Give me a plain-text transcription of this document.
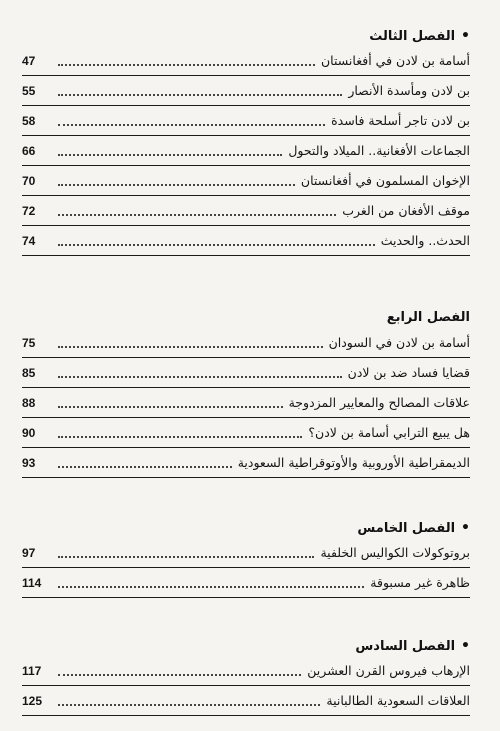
•الفصل الثالث
47	أسامة بن لادن في أفغانستان
55	بن لادن ومأسدة الأنصار
58	بن لادن تاجر أسلحة فاسدة
66	الجماعات الأفغانية.. الميلاد والتحول
70	الإخوان المسلمون في أفغانستان
72	موقف الأفغان من الغرب
74	الحدث.. والحديث
الفصل الرابع
75	أسامة بن لادن في السودان
85	قضايا فساد ضد بن لادن
88	علاقات المصالح والمعايير المزدوجة
90	هل يبيع الترابي أسامة بن لادن؟
93	الديمقراطية الأوروبية والأوتوقراطية السعودية
•الفصل الخامس
97	بروتوكولات الكواليس الخلفية
114	ظاهرة غير مسبوقة
•الفصل السادس
117	الإرهاب فيروس القرن العشرين
125	العلاقات السعودية الطالبانية
